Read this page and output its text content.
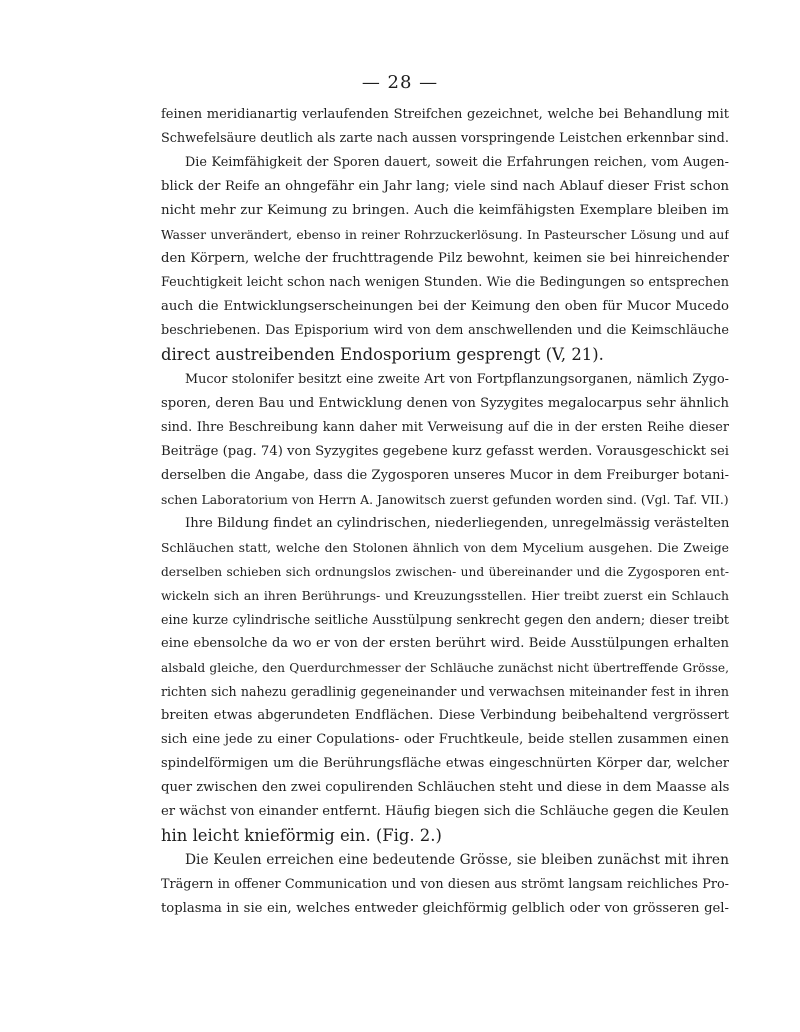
— 28 —
feinen meridianartig verlaufenden Streifchen gezeichnet, welche bei Behandlung mit
Schwefelsäure deutlich als zarte nach aussen vorspringende Leistchen erkennbar sind.
Die Keimfähigkeit der Sporen dauert, soweit die Erfahrungen reichen, vom Augen-
blick der Reife an ohngefähr ein Jahr lang; viele sind nach Ablauf dieser Frist schon
nicht mehr zur Keimung zu bringen. Auch die keimfähigsten Exemplare bleiben im
Wasser unverändert, ebenso in reiner Rohrzuckerlösung. In Pasteurscher Lösung und auf
den Körpern, welche der fruchttragende Pilz bewohnt, keimen sie bei hinreichender
Feuchtigkeit leicht schon nach wenigen Stunden. Wie die Bedingungen so entsprechen
auch die Entwicklungserscheinungen bei der Keimung den oben für Mucor Mucedo
beschriebenen. Das Episporium wird von dem anschwellenden und die Keimschläuche
direct austreibenden Endosporium gesprengt (V, 21).
Mucor stolonifer besitzt eine zweite Art von Fortpflanzungsorganen, nämlich Zygo-
sporen, deren Bau und Entwicklung denen von Syzygites megalocarpus sehr ähnlich
sind. Ihre Beschreibung kann daher mit Verweisung auf die in der ersten Reihe dieser
Beiträge (pag. 74) von Syzygites gegebene kurz gefasst werden. Vorausgeschickt sei
derselben die Angabe, dass die Zygosporen unseres Mucor in dem Freiburger botani-
schen Laboratorium von Herrn A. Janowitsch zuerst gefunden worden sind. (Vgl. Taf. VII.)
Ihre Bildung findet an cylindrischen, niederliegenden, unregelmässig verästelten
Schläuchen statt, welche den Stolonen ähnlich von dem Mycelium ausgehen. Die Zweige
derselben schieben sich ordnungslos zwischen- und übereinander und die Zygosporen ent-
wickeln sich an ihren Berührungs- und Kreuzungsstellen. Hier treibt zuerst ein Schlauch
eine kurze cylindrische seitliche Ausstülpung senkrecht gegen den andern; dieser treibt
eine ebensolche da wo er von der ersten berührt wird. Beide Ausstülpungen erhalten
alsbald gleiche, den Querdurchmesser der Schläuche zunächst nicht übertreffende Grösse,
richten sich nahezu geradlinig gegeneinander und verwachsen miteinander fest in ihren
breiten etwas abgerundeten Endflächen. Diese Verbindung beibehaltend vergrössert
sich eine jede zu einer Copulations- oder Fruchtkeule, beide stellen zusammen einen
spindelförmigen um die Berührungsfläche etwas eingeschnürten Körper dar, welcher
quer zwischen den zwei copulirenden Schläuchen steht und diese in dem Maasse als
er wächst von einander entfernt. Häufig biegen sich die Schläuche gegen die Keulen
hin leicht knieförmig ein. (Fig. 2.)
Die Keulen erreichen eine bedeutende Grösse, sie bleiben zunächst mit ihren
Trägern in offener Communication und von diesen aus strömt langsam reichliches Pro-
toplasma in sie ein, welches entweder gleichförmig gelblich oder von grösseren gel-
